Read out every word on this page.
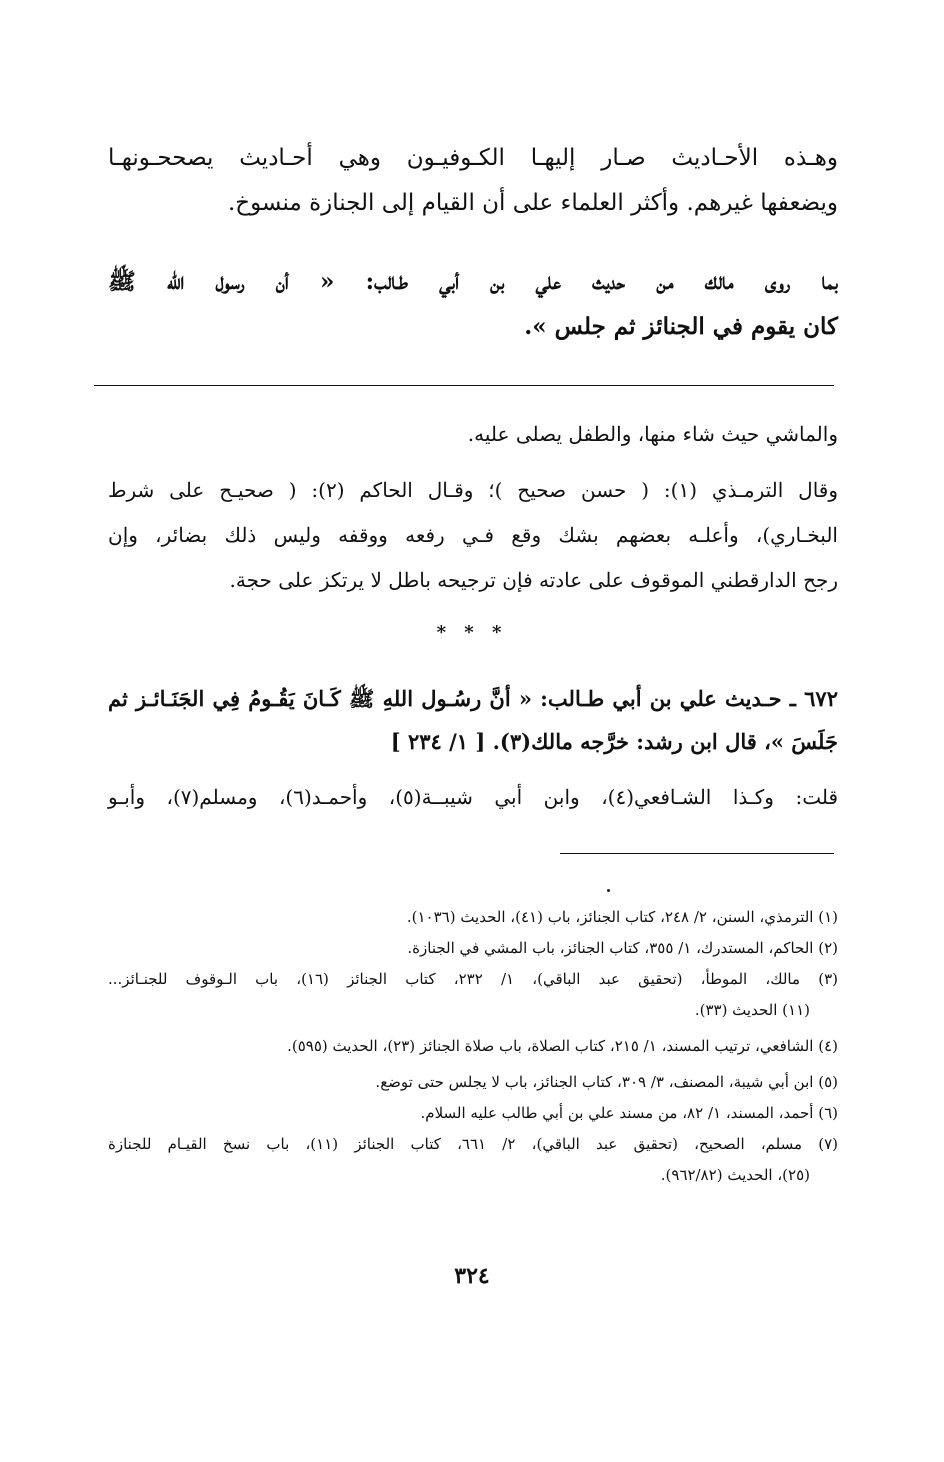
وهـذه الأحـاديث صـار إليهـا الكـوفيـون وهي أحـاديث يصححـونهـا
ويضعفها غيرهم. وأكثر العلماء على أن القيام إلى الجنازة منسوخ.
بما روى مالك من حديث علي بن أبي طـالب: « أن رسول الله ﷺ
كان يقوم في الجنائز ثم جلس ».
والماشي حيث شاء منها، والطفل يصلى عليه.
وقال الترمـذي (١): ( حسن صحيح )؛ وقـال الحاكم (٢): ( صحيـح على شرط
البخـاري)، وأعلـه بعضهم بشك وقع فـي رفعه ووقفه وليس ذلك بضائر، وإن
رجح الدارقطني الموقوف على عادته فإن ترجيحه باطل لا يرتكز على حجة.
* * *
٦٧٢ ـ حـديث علي بن أبي طـالب: « أنَّ رسُـول اللهِ ﷺ كَـانَ يَقُـومُ فِي الجَنَـائـز ثم
جَلَسَ »، قال ابن رشد: خرَّجه مالك(٣). [ ١/ ٢٣٤ ]
قلت: وكـذا الشـافعي(٤)، وابن أبي شيبــة(٥)، وأحمـد(٦)، ومسلم(٧)، وأبـو
(١) الترمذي، السنن، ٢/ ٢٤٨، كتاب الجنائز، باب (٤١)، الحديث (١٠٣٦).
(٢) الحاكم، المستدرك، ١/ ٣٥٥، كتاب الجنائز، باب المشي في الجنازة.
(٣) مالك، الموطأ، (تحقيق عبد الباقي)، ١/ ٢٣٢، كتاب الجنائز (١٦)، باب الـوقوف للجنـائز...
(١١) الحديث (٣٣).
(٤) الشافعي، ترتيب المسند، ١/ ٢١٥، كتاب الصلاة، باب صلاة الجنائز (٢٣)، الحديث (٥٩٥).
(٥) ابن أبي شيبة، المصنف، ٣/ ٣٠٩، كتاب الجنائز، باب لا يجلس حتى توضع.
(٦) أحمد، المسند، ١/ ٨٢، من مسند علي بن أبي طالب عليه السلام.
(٧) مسلم، الصحيح، (تحقيق عبد الباقي)، ٢/ ٦٦١، كتاب الجنائز (١١)، باب نسخ القيـام للجنازة
(٢٥)، الحديث (٩٦٢/٨٢).
٣٢٤
